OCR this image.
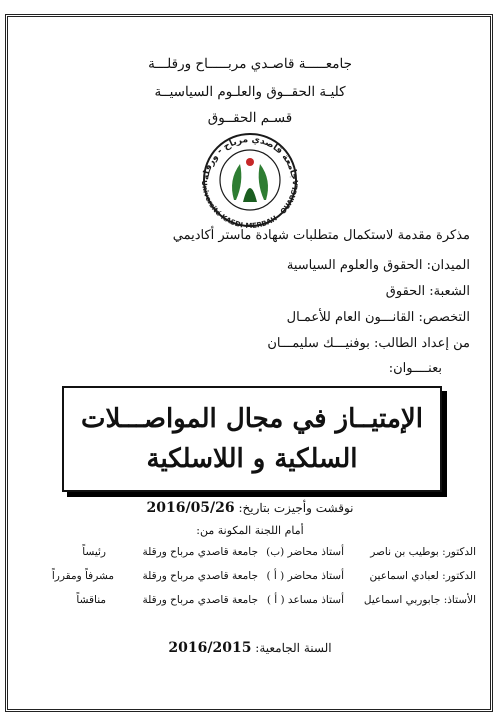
جامعـــــة قاصـدي مربـــــاح ورقلـــة
كليـة الحقــوق والعلـوم السياسيــة
قسـم الحقــوق
جامعة قاصدي مرباح - ورقلة
Université KASDI-MERBAH - OUARGLA
مذكرة مقدمة لاستكمال متطلبات شهادة ماستر أكاديمي
الميدان: الحقوق والعلوم السياسية
الشعبة: الحقوق
التخصص: القانـــون العام للأعمـال
من إعداد الطالب: بوفنيـــك سليمـــان
بعنــــوان:
الإمتيــاز في مجال المواصـــلات
السلكية و اللاسلكية
نوقشت وأجيزت بتاريخ: 2016/05/26
أمام اللجنة المكونة من:
الدكتور: بوطيب بن ناصر
أستاذ محاضر (ب)
جامعة قاصدي مرباح ورقلة
رئيساً
الدكتور: لعبادي اسماعين
أستاذ محاضر ( أ )
جامعة قاصدي مرباح ورقلة
مشرفاً ومقرراً
الأستاذ: جابوربي اسماعيل
أستاذ مساعد ( أ )
جامعة قاصدي مرباح ورقلة
مناقشاً
السنة الجامعية: 2016/2015
